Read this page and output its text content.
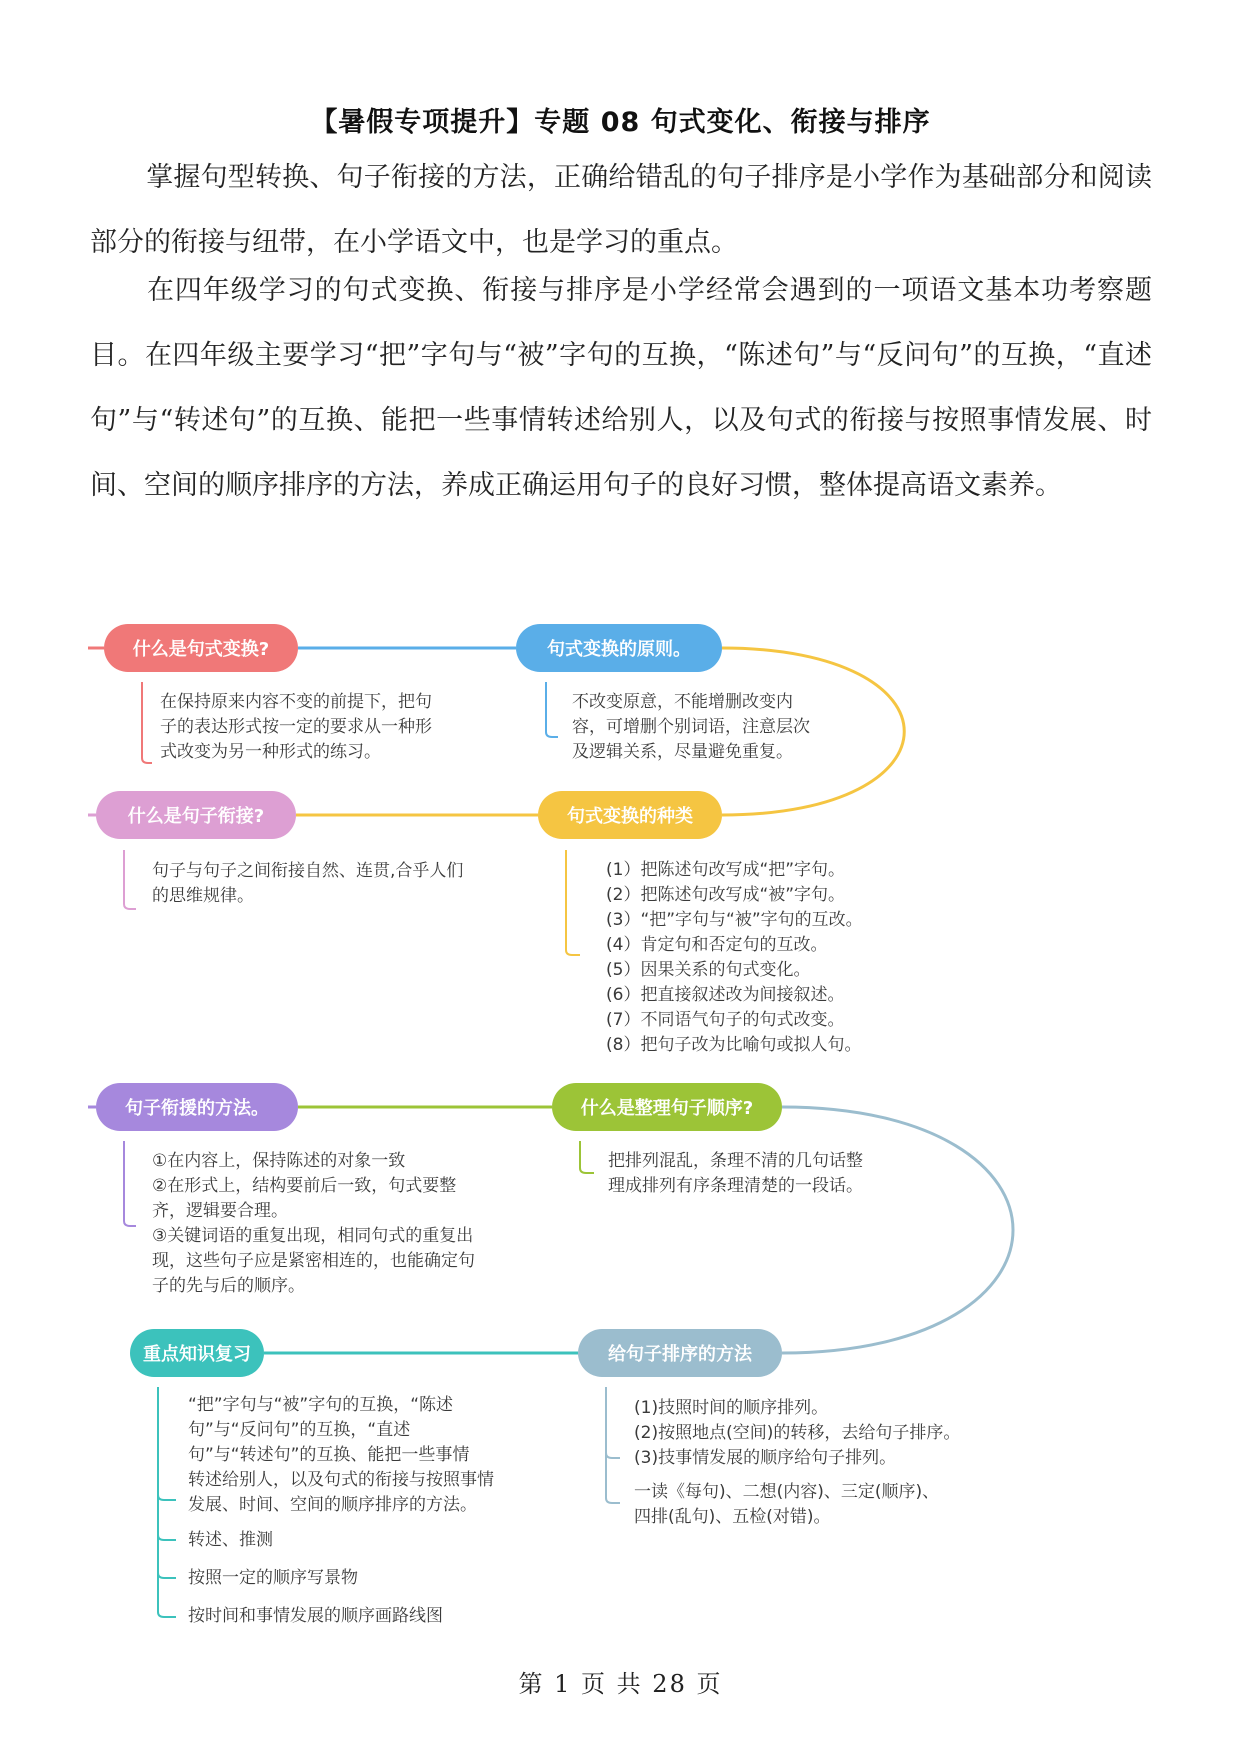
【暑假专项提升】专题 08 句式变化、衔接与排序
掌握句型转换、句子衔接的方法，正确给错乱的句子排序是小学作为基础部分和阅读部分的衔接与纽带，在小学语文中，也是学习的重点。
在四年级学习的句式变换、衔接与排序是小学经常会遇到的一项语文基本功考察题目。在四年级主要学习“把”字句与“被”字句的互换，“陈述句”与“反问句”的互换，“直述句”与“转述句”的互换、能把一些事情转述给别人，以及句式的衔接与按照事情发展、时间、空间的顺序排序的方法，养成正确运用句子的良好习惯，整体提高语文素养。
什么是句式变换?
在保持原来内容不变的前提下，把句
子的表达形式按一定的要求从一种形
式改变为另一种形式的练习。
句式变换的原则。
不改变原意，不能增删改变内
容，可增删个别词语，注意层次
及逻辑关系，尽量避免重复。
什么是句子衔接?
句子与句子之间衔接自然、连贯,合乎人们
的思维规律。
句式变换的种类
(1）把陈述句改写成“把”字句。
(2）把陈述句改写成“被”字句。
(3）“把”字句与“被”字句的互改。
(4）肯定句和否定句的互改。
(5）因果关系的句式变化。
(6）把直接叙述改为间接叙述。
(7）不同语气句子的句式改变。
(8）把句子改为比喻句或拟人句。
句子衔援的方法。
①在内容上，保持陈述的对象一致
②在形式上，结构要前后一致，句式要整
齐，逻辑要合理。
③关键词语的重复出现，相同句式的重复出
现，这些句子应是紧密相连的，也能确定句
子的先与后的顺序。
什么是整理句子顺序?
把排列混乱，条理不清的几句话整
理成排列有序条理清楚的一段话。
重点知识复习
“把”字句与“被”字句的互换，“陈述
句”与“反问句”的互换，“直述
句”与“转述句”的互换、能把一些事情
转述给别人，以及句式的衔接与按照事情
发展、时间、空间的顺序排序的方法。
转述、推测
按照一定的顺序写景物
按时间和事情发展的顺序画路线图
给句子排序的方法
(1)技照时间的顺序排列。
(2)按照地点(空间)的转移，去给句子排序。
(3)技事情发展的顺序给句子排列。
一读《每句)、二想(内容)、三定(顺序)、
四排(乱句)、五检(对错)。
第 1 页 共 28 页
